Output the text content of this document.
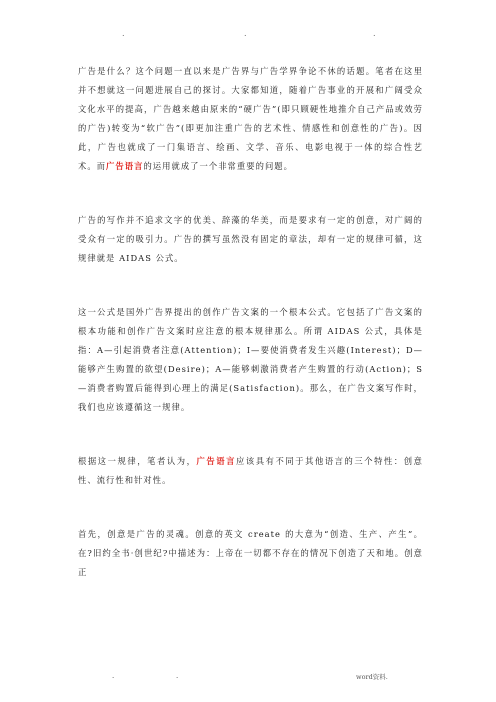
.	.	.

广告是什么？这个问题一直以来是广告界与广告学界争论不休的话题。笔者在这里并不想就这一问题进展自己的探讨。大家都知道，随着广告事业的开展和广阔受众文化水平的提高，广告越来越由原来的“硬广告”(即只顾硬性地推介自己产品或效劳的广告)转变为“软广告”(即更加注重广告的艺术性、情感性和创意性的广告)。因此，广告也就成了一门集语言、绘画、文学、音乐、电影电视于一体的综合性艺术。而广告语言的运用就成了一个非常重要的问题。

广告的写作并不追求文字的优美、辞藻的华美，而是要求有一定的创意，对广阔的受众有一定的吸引力。广告的撰写虽然没有固定的章法，却有一定的规律可循，这规律就是 AIDAS 公式。

这一公式是国外广告界提出的创作广告文案的一个根本公式。它包括了广告文案的根本功能和创作广告文案时应注意的根本规律那么。所谓 AIDAS 公式，具体是指：A—引起消费者注意(Attention)；I—要使消费者发生兴趣(Interest)；D—能够产生购置的欲望(Desire)；A—能够刺激消费者产生购置的行动(Action)；S—消费者购置后能得到心理上的满足(Satisfaction)。那么，在广告文案写作时，我们也应该遵循这一规律。

根据这一规律，笔者认为，广告语言应该具有不同于其他语言的三个特性：创意性、流行性和针对性。

首先，创意是广告的灵魂。创意的英文 create 的大意为“创造、生产、产生”。在?旧约全书·创世纪?中描述为：上帝在一切都不存在的情况下创造了天和地。创意正

.	.	word资料.
